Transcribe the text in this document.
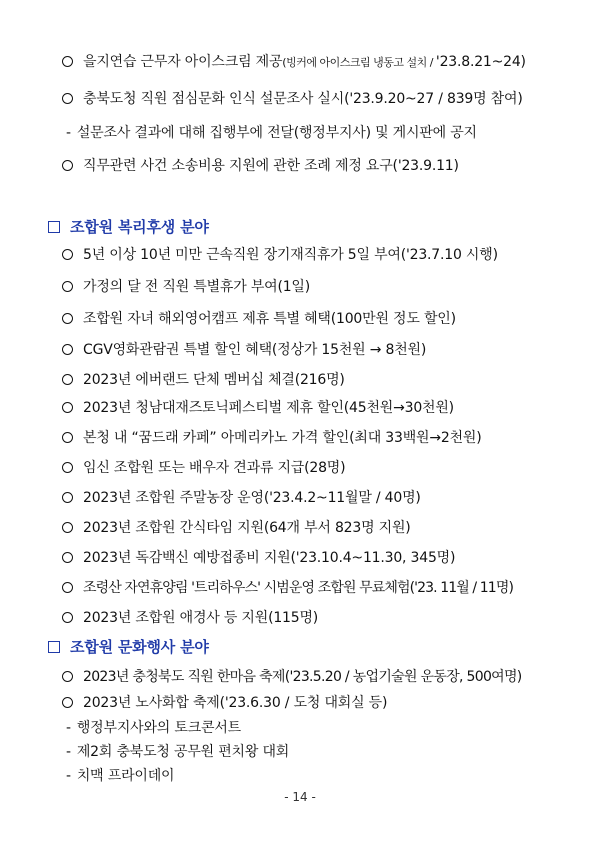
을지연습 근무자 아이스크림 제공(빙커에 아이스크림 냉동고 설치 / '23.8.21~24)
충북도청 직원 점심문화 인식 설문조사 실시('23.9.20~27 / 839명 참여)
- 설문조사 결과에 대해 집행부에 전달(행정부지사) 및 게시판에 공지
직무관련 사건 소송비용 지원에 관한 조례 제정 요구('23.9.11)
조합원 복리후생 분야
5년 이상 10년 미만 근속직원 장기재직휴가 5일 부여('23.7.10 시행)
가정의 달 전 직원 특별휴가 부여(1일)
조합원 자녀 해외영어캠프 제휴 특별 혜택(100만원 정도 할인)
CGV영화관람권 특별 할인 혜택(정상가 15천원 → 8천원)
2023년 에버랜드 단체 멤버십 체결(216명)
2023년 청남대재즈토닉페스티벌 제휴 할인(45천원→30천원)
본청 내 “꿈드래 카페” 아메리카노 가격 할인(최대 33백원→2천원)
임신 조합원 또는 배우자 견과류 지급(28명)
2023년 조합원 주말농장 운영('23.4.2~11월말 / 40명)
2023년 조합원 간식타임 지원(64개 부서 823명 지원)
2023년 독감백신 예방접종비 지원('23.10.4~11.30, 345명)
조령산 자연휴양림 '트리하우스' 시범운영 조합원 무료체험('23. 11월 / 11명)
2023년 조합원 애경사 등 지원(115명)
조합원 문화행사 분야
2023년 충청북도 직원 한마음 축제('23.5.20 / 농업기술원 운동장, 500여명)
2023년 노사화합 축제('23.6.30 / 도청 대회실 등)
- 행정부지사와의 토크콘서트
- 제2회 충북도청 공무원 편치왕 대회
- 치맥 프라이데이
- 14 -
